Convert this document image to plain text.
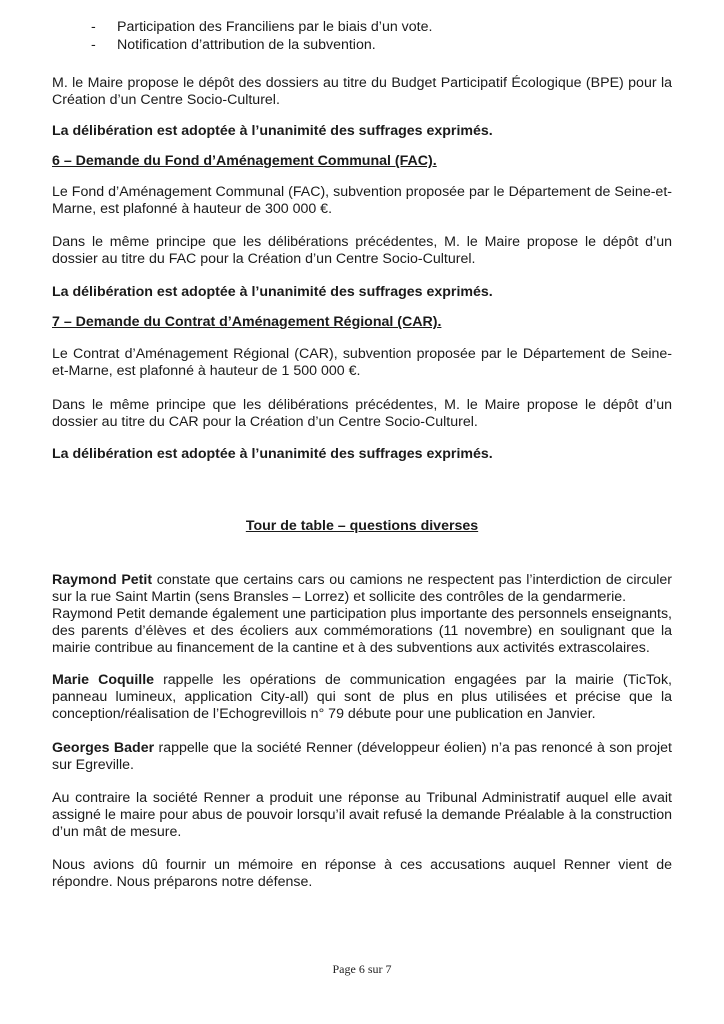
- Participation des Franciliens par le biais d’un vote.
- Notification d’attribution de la subvention.

M. le Maire propose le dépôt des dossiers au titre du Budget Participatif Écologique (BPE) pour la Création d’un Centre Socio-Culturel.

La délibération est adoptée à l’unanimité des suffrages exprimés.

6 – Demande du Fond d’Aménagement Communal (FAC).

Le Fond d’Aménagement Communal (FAC), subvention proposée par le Département de Seine-et-Marne, est plafonné à hauteur de 300 000 €.

Dans le même principe que les délibérations précédentes, M. le Maire propose le dépôt d’un dossier au titre du FAC pour la Création d’un Centre Socio-Culturel.

La délibération est adoptée à l’unanimité des suffrages exprimés.

7 – Demande du Contrat d’Aménagement Régional (CAR).

Le Contrat d’Aménagement Régional (CAR), subvention proposée par le Département de Seine-et-Marne, est plafonné à hauteur de 1 500 000 €.

Dans le même principe que les délibérations précédentes, M. le Maire propose le dépôt d’un dossier au titre du CAR pour la Création d’un Centre Socio-Culturel.

La délibération est adoptée à l’unanimité des suffrages exprimés.

Tour de table – questions diverses

Raymond Petit constate que certains cars ou camions ne respectent pas l’interdiction de circuler sur la rue Saint Martin (sens Bransles – Lorrez) et sollicite des contrôles de la gendarmerie.

Raymond Petit demande également une participation plus importante des personnels enseignants, des parents d’élèves et des écoliers aux commémorations (11 novembre) en soulignant que la mairie contribue au financement de la cantine et à des subventions aux activités extrascolaires.

Marie Coquille rappelle les opérations de communication engagées par la mairie (TicTok, panneau lumineux, application City-all) qui sont de plus en plus utilisées et précise que la conception/réalisation de l’Echogrevillois n° 79 débute pour une publication en Janvier.

Georges Bader rappelle que la société Renner (développeur éolien) n’a pas renoncé à son projet sur Egreville.

Au contraire la société Renner a produit une réponse au Tribunal Administratif auquel elle avait assigné le maire pour abus de pouvoir lorsqu’il avait refusé la demande Préalable à la construction d’un mât de mesure.

Nous avions dû fournir un mémoire en réponse à ces accusations auquel Renner vient de répondre. Nous préparons notre défense.

Page 6 sur 7
